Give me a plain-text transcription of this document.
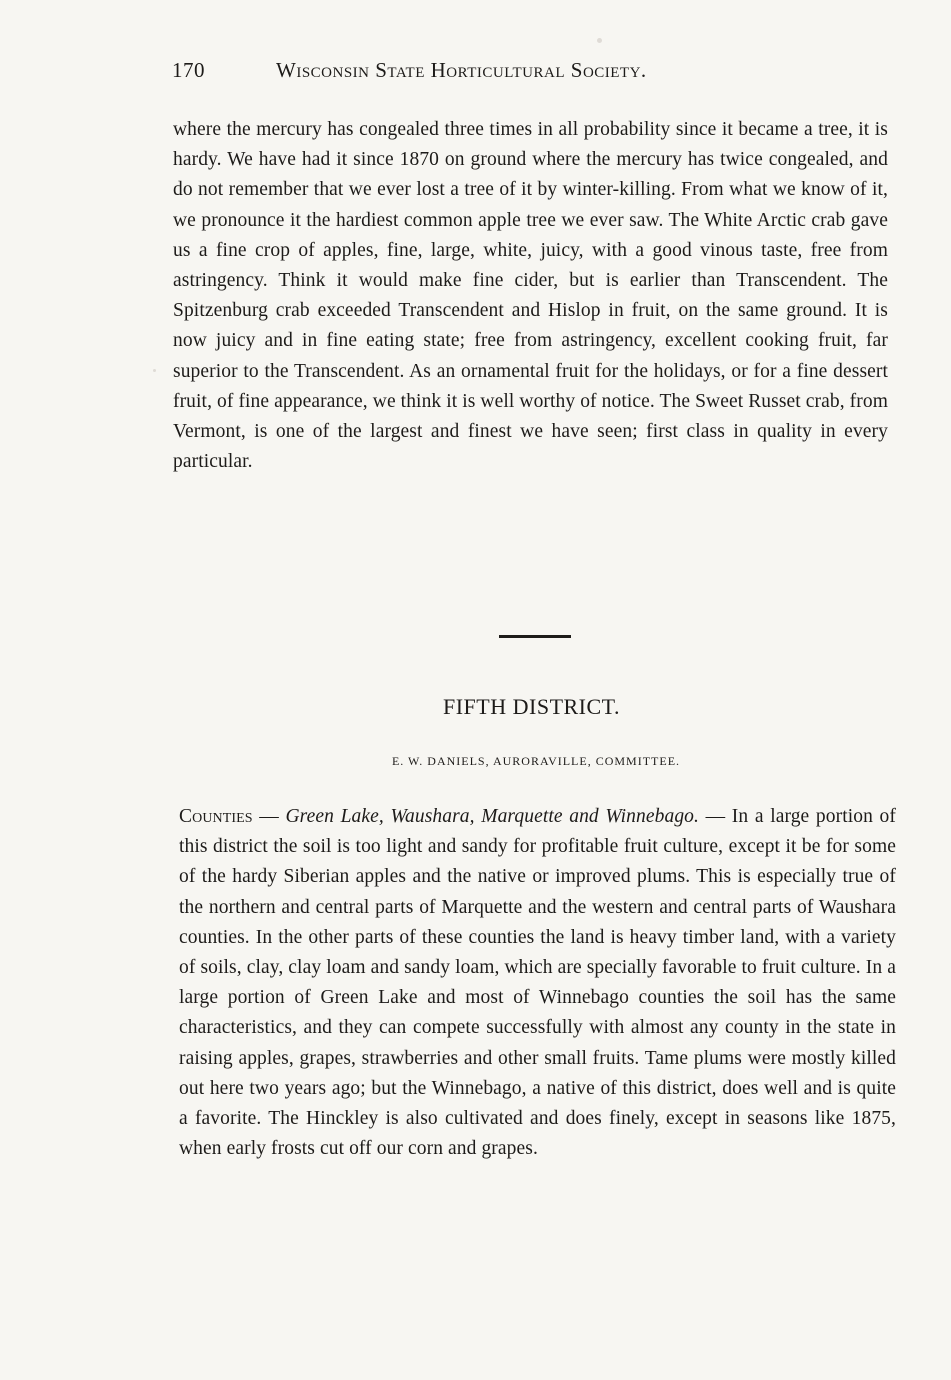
170	Wisconsin State Horticultural Society.

where the mercury has congealed three times in all probability since it became a tree, it is hardy. We have had it since 1870 on ground where the mercury has twice congealed, and do not remember that we ever lost a tree of it by winter-killing. From what we know of it, we pronounce it the hardiest common apple tree we ever saw. The White Arctic crab gave us a fine crop of apples, fine, large, white, juicy, with a good vinous taste, free from astringency. Think it would make fine cider, but is earlier than Transcendent. The Spitzenburg crab exceeded Transcendent and Hislop in fruit, on the same ground. It is now juicy and in fine eating state; free from astringency, excellent cooking fruit, far superior to the Transcendent. As an ornamental fruit for the holidays, or for a fine dessert fruit, of fine appearance, we think it is well worthy of notice. The Sweet Russet crab, from Vermont, is one of the largest and finest we have seen; first class in quality in every particular.

FIFTH DISTRICT.
E. W. DANIELS, AURORAVILLE, COMMITTEE.

Counties — Green Lake, Waushara, Marquette and Winnebago. — In a large portion of this district the soil is too light and sandy for profitable fruit culture, except it be for some of the hardy Siberian apples and the native or improved plums. This is especially true of the northern and central parts of Marquette and the western and central parts of Waushara counties. In the other parts of these counties the land is heavy timber land, with a variety of soils, clay, clay loam and sandy loam, which are specially favorable to fruit culture. In a large portion of Green Lake and most of Winnebago counties the soil has the same characteristics, and they can compete successfully with almost any county in the state in raising apples, grapes, strawberries and other small fruits. Tame plums were mostly killed out here two years ago; but the Winnebago, a native of this district, does well and is quite a favorite. The Hinckley is also cultivated and does finely, except in seasons like 1875, when early frosts cut off our corn and grapes.
